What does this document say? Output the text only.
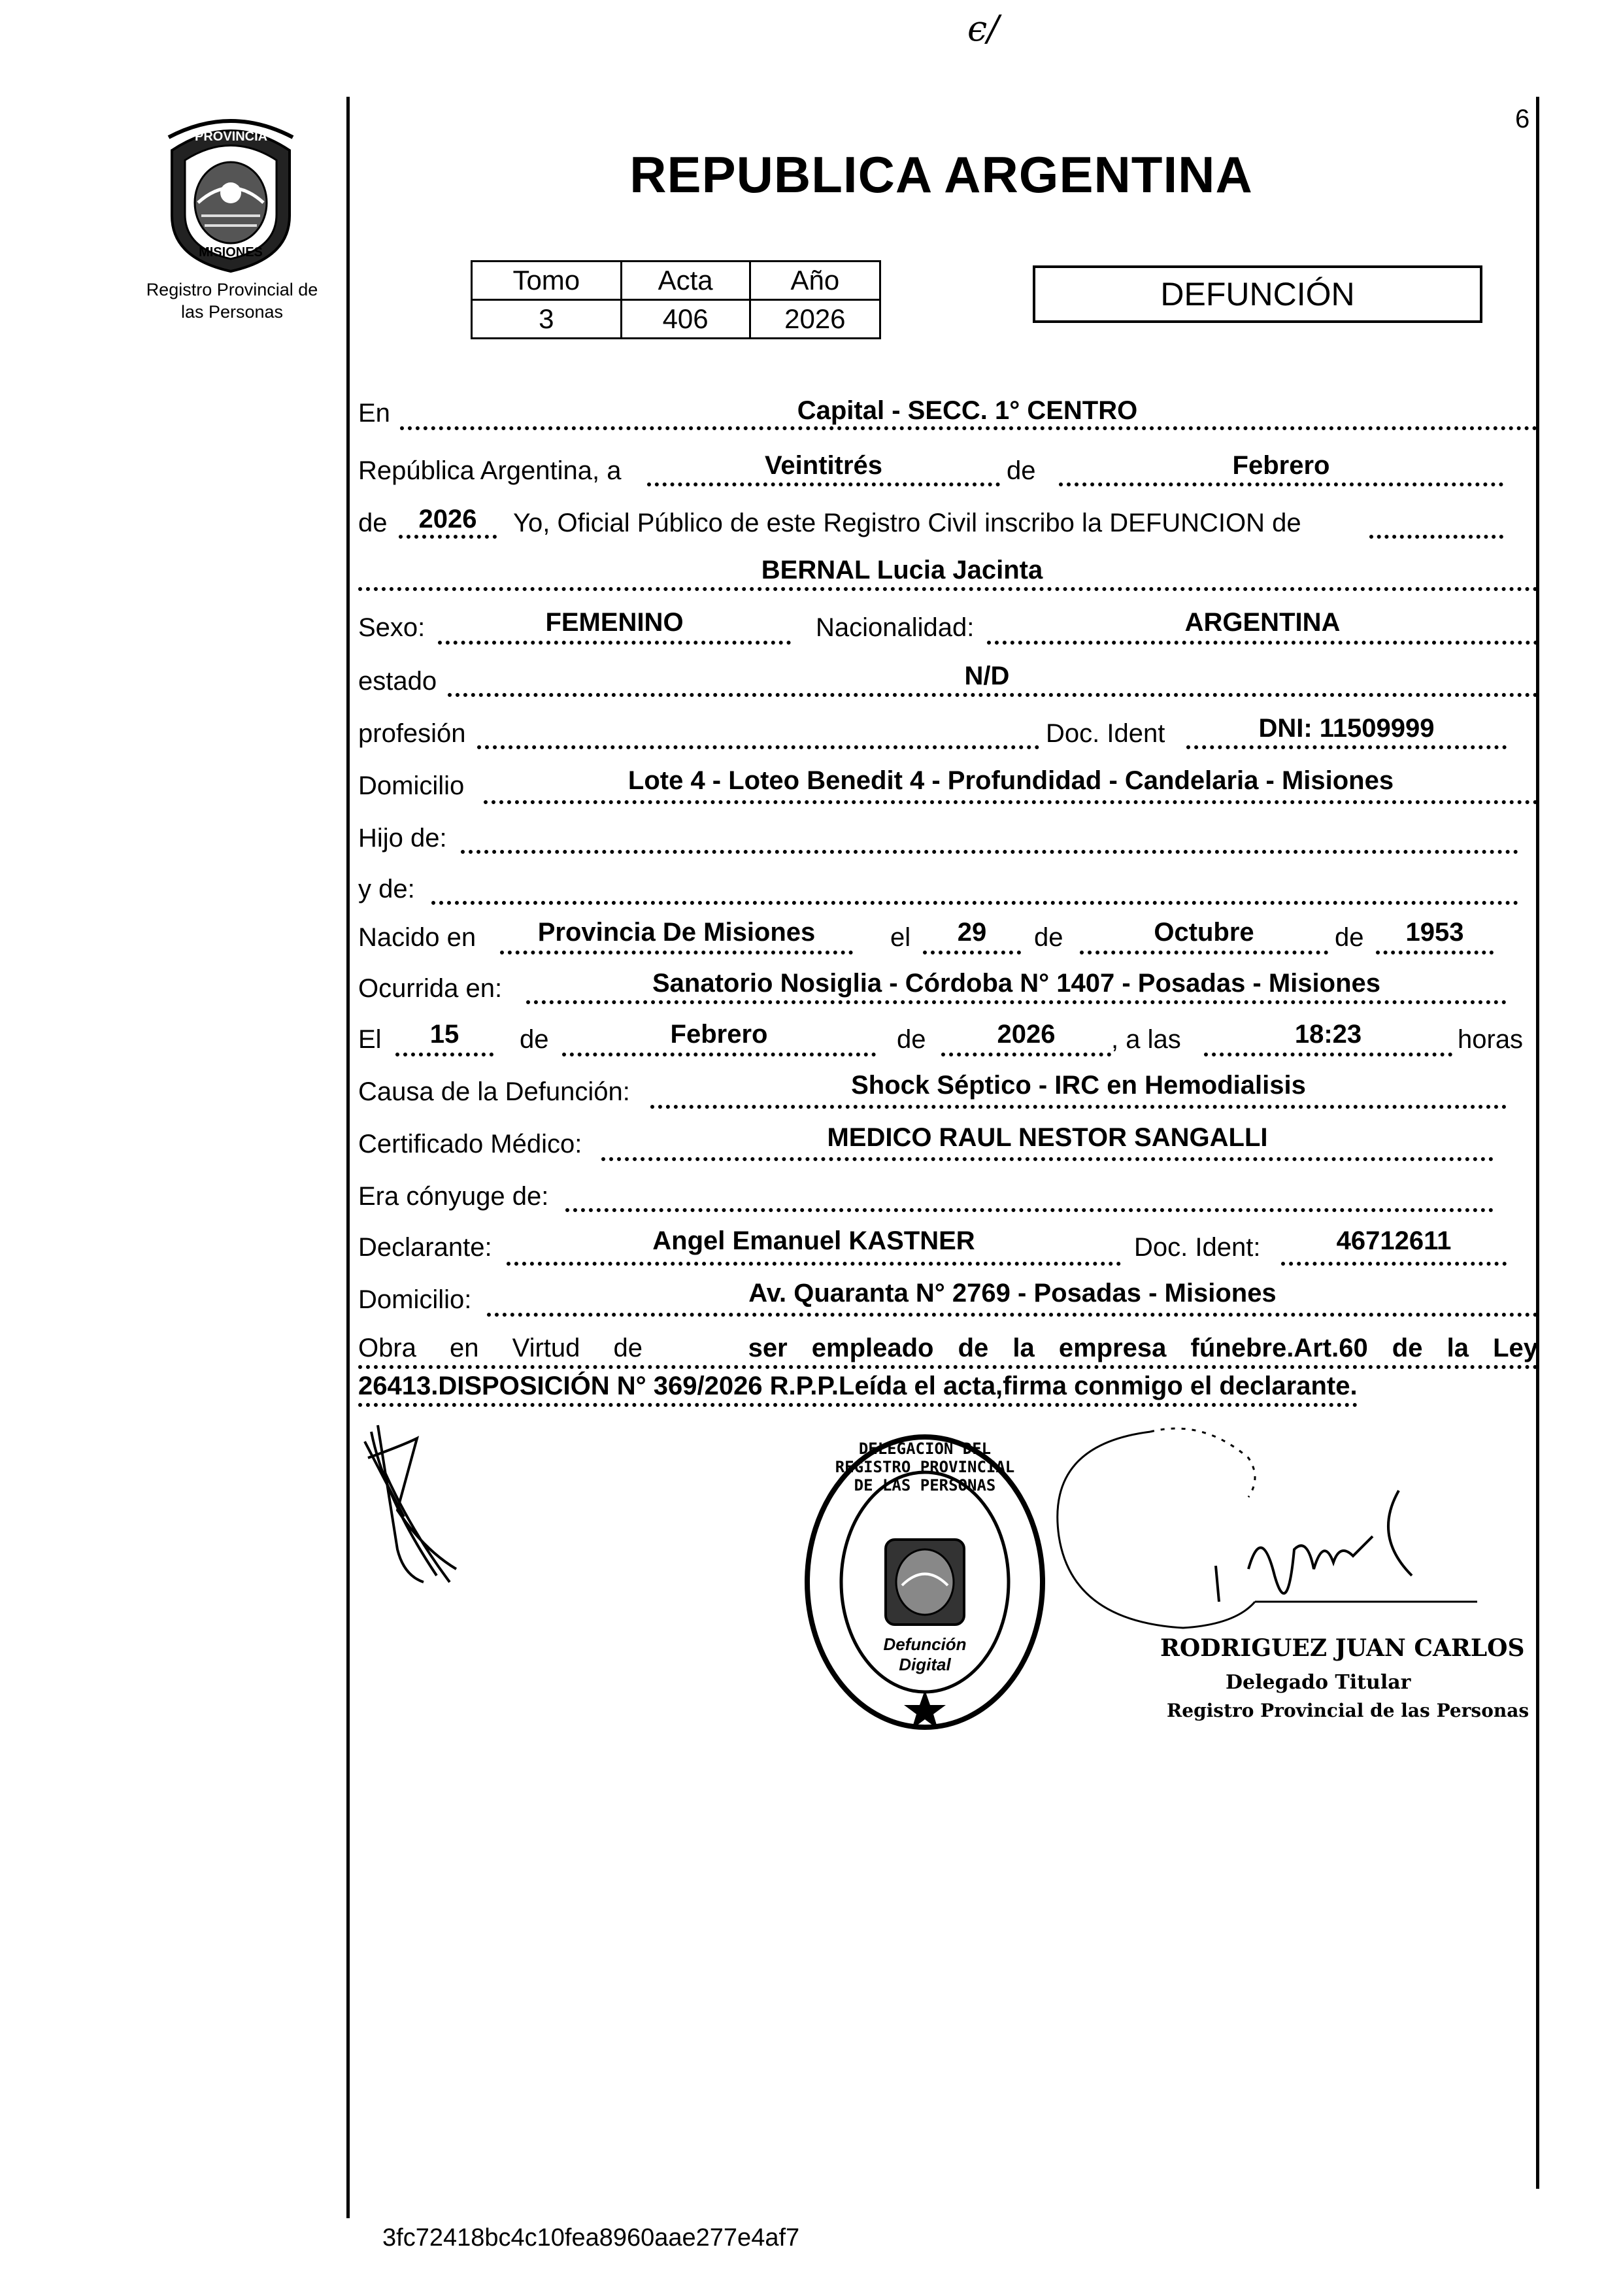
ϵ/
6
PROVINCIA
MISIONES
Registro Provincial de
las Personas
REPUBLICA ARGENTINA
Tomo	Acta	Año
3	406	2026
DEFUNCIÓN
En	Capital - SECC. 1° CENTRO
República Argentina, a	Veintitrés	de	Febrero
de	2026	Yo, Oficial Público de este Registro Civil inscribo la DEFUNCION de
BERNAL Lucia Jacinta
Sexo:	FEMENINO	Nacionalidad:	ARGENTINA
estado	N/D
profesión	Doc. Ident	DNI: 11509999
Domicilio	Lote 4 - Loteo Benedit 4 - Profundidad - Candelaria - Misiones
Hijo de:
y de:
Nacido en	Provincia De Misiones	el	29	de	Octubre	de	1953
Ocurrida en:	Sanatorio Nosiglia - Córdoba N° 1407 - Posadas - Misiones
El	15	de	Febrero	de	2026	, a las	18:23	horas
Causa de la Defunción:	Shock Séptico - IRC en Hemodialisis
Certificado Médico:	MEDICO RAUL NESTOR SANGALLI
Era cónyuge de:
Declarante:	Angel Emanuel KASTNER	Doc. Ident:	46712611
Domicilio:	Av. Quaranta N° 2769 - Posadas - Misiones
Obra en Virtud de	ser empleado de la empresa fúnebre.Art.60 de la Ley
26413.DISPOSICIÓN N° 369/2026 R.P.P.Leída el acta,firma conmigo el declarante.
DELEGACION DEL REGISTRO PROVINCIAL DE LAS PERSONAS
Defunción Digital
RODRIGUEZ JUAN CARLOS
Delegado Titular
Registro Provincial de las Personas
3fc72418bc4c10fea8960aae277e4af7
